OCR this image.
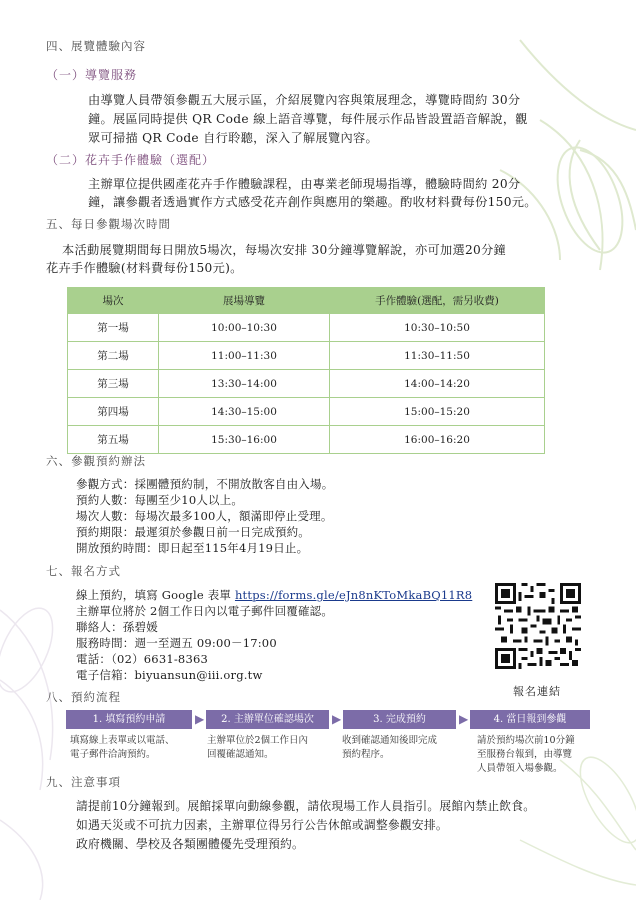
四、展覽體驗內容
（一）導覽服務
由導覽人員帶領參觀五大展示區，介紹展覽內容與策展理念，導覽時間約 30分
鐘。展區同時提供 QR Code 線上語音導覽，每件展示作品皆設置語音解說，觀
眾可掃描 QR Code 自行聆聽，深入了解展覽內容。
（二）花卉手作體驗（選配）
主辦單位提供國產花卉手作體驗課程，由專業老師現場指導，體驗時間約 20分
鐘，讓參觀者透過實作方式感受花卉創作與應用的樂趣。酌收材料費每份150元。
五、每日參觀場次時間
本活動展覽期間每日開放5場次，每場次安排 30分鐘導覽解說，亦可加選20分鐘
花卉手作體驗(材料費每份150元)。
場次	展場導覽	手作體驗(選配，需另收費)
第一場	10:00–10:30	10:30–10:50
第二場	11:00–11:30	11:30–11:50
第三場	13:30–14:00	14:00–14:20
第四場	14:30–15:00	15:00–15:20
第五場	15:30–16:00	16:00–16:20
六、參觀預約辦法
參觀方式：採團體預約制，不開放散客自由入場。
預約人數：每團至少10人以上。
場次人數：每場次最多100人，額滿即停止受理。
預約期限：最遲須於參觀日前一日完成預約。
開放預約時間：即日起至115年4月19日止。
七、報名方式
線上預約，填寫 Google 表單 https://forms.gle/eJn8nKToMkaBQ11R8
主辦單位將於 2個工作日內以電子郵件回覆確認。
聯絡人：孫碧媛
服務時間：週一至週五 09:00－17:00
電話：（02）6631-8363
電子信箱：biyuansun@iii.org.tw
報名連結
八、預約流程
1. 填寫預約申請	▶	2. 主辦單位確認場次	▶	3. 完成預約	▶	4. 當日報到參觀
填寫線上表單或以電話、
電子郵件洽詢預約。
主辦單位於2個工作日內
回覆確認通知。
收到確認通知後即完成
預約程序。
請於預約場次前10分鐘
至服務台報到，由導覽
人員帶領入場參觀。
九、注意事項
請提前10分鐘報到。展館採單向動線參觀，請依現場工作人員指引。展館內禁止飲食。
如遇天災或不可抗力因素，主辦單位得另行公告休館或調整參觀安排。
政府機關、學校及各類團體優先受理預約。
